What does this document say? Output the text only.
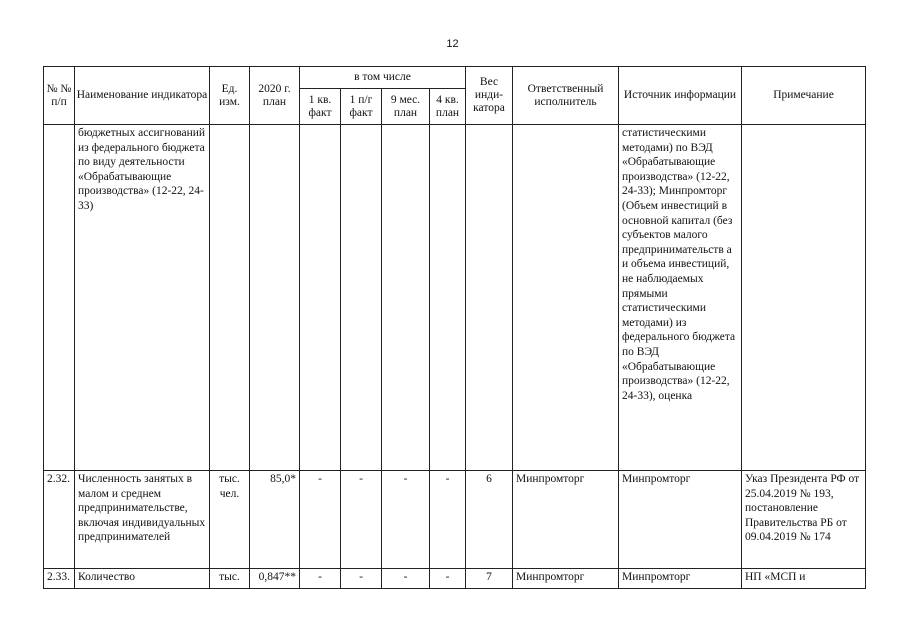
12
№ № п/п	Наименование индикатора	Ед. изм.	2020 г. план	в том числе				Вес инди-катора	Ответственный исполнитель	Источник информации	Примечание
				1 кв. факт	1 п/г факт	9 мес. план	4 кв. план				
	бюджетных ассигнований из федерального бюджета по виду деятельности «Обрабатывающие производства» (12-22, 24-33)									статистическими методами) по ВЭД «Обрабатывающие производства» (12-22, 24-33); Минпромторг (Объем инвестиций в основной капитал (без субъектов малого предпринимательств а и объема инвестиций, не наблюдаемых прямыми статистическими методами) из федерального бюджета по ВЭД «Обрабатывающие производства» (12-22, 24-33), оценка	
2.32.	Численность занятых в малом и среднем предпринимательстве, включая индивидуальных предпринимателей	тыс. чел.	85,0*	-	-	-	-	6	Минпромторг	Минпромторг	Указ Президента РФ от 25.04.2019 № 193, постановление Правительства РБ от 09.04.2019 № 174
2.33.	Количество	тыс.	0,847**	-	-	-	-	7	Минпромторг	Минпромторг	НП «МСП и
